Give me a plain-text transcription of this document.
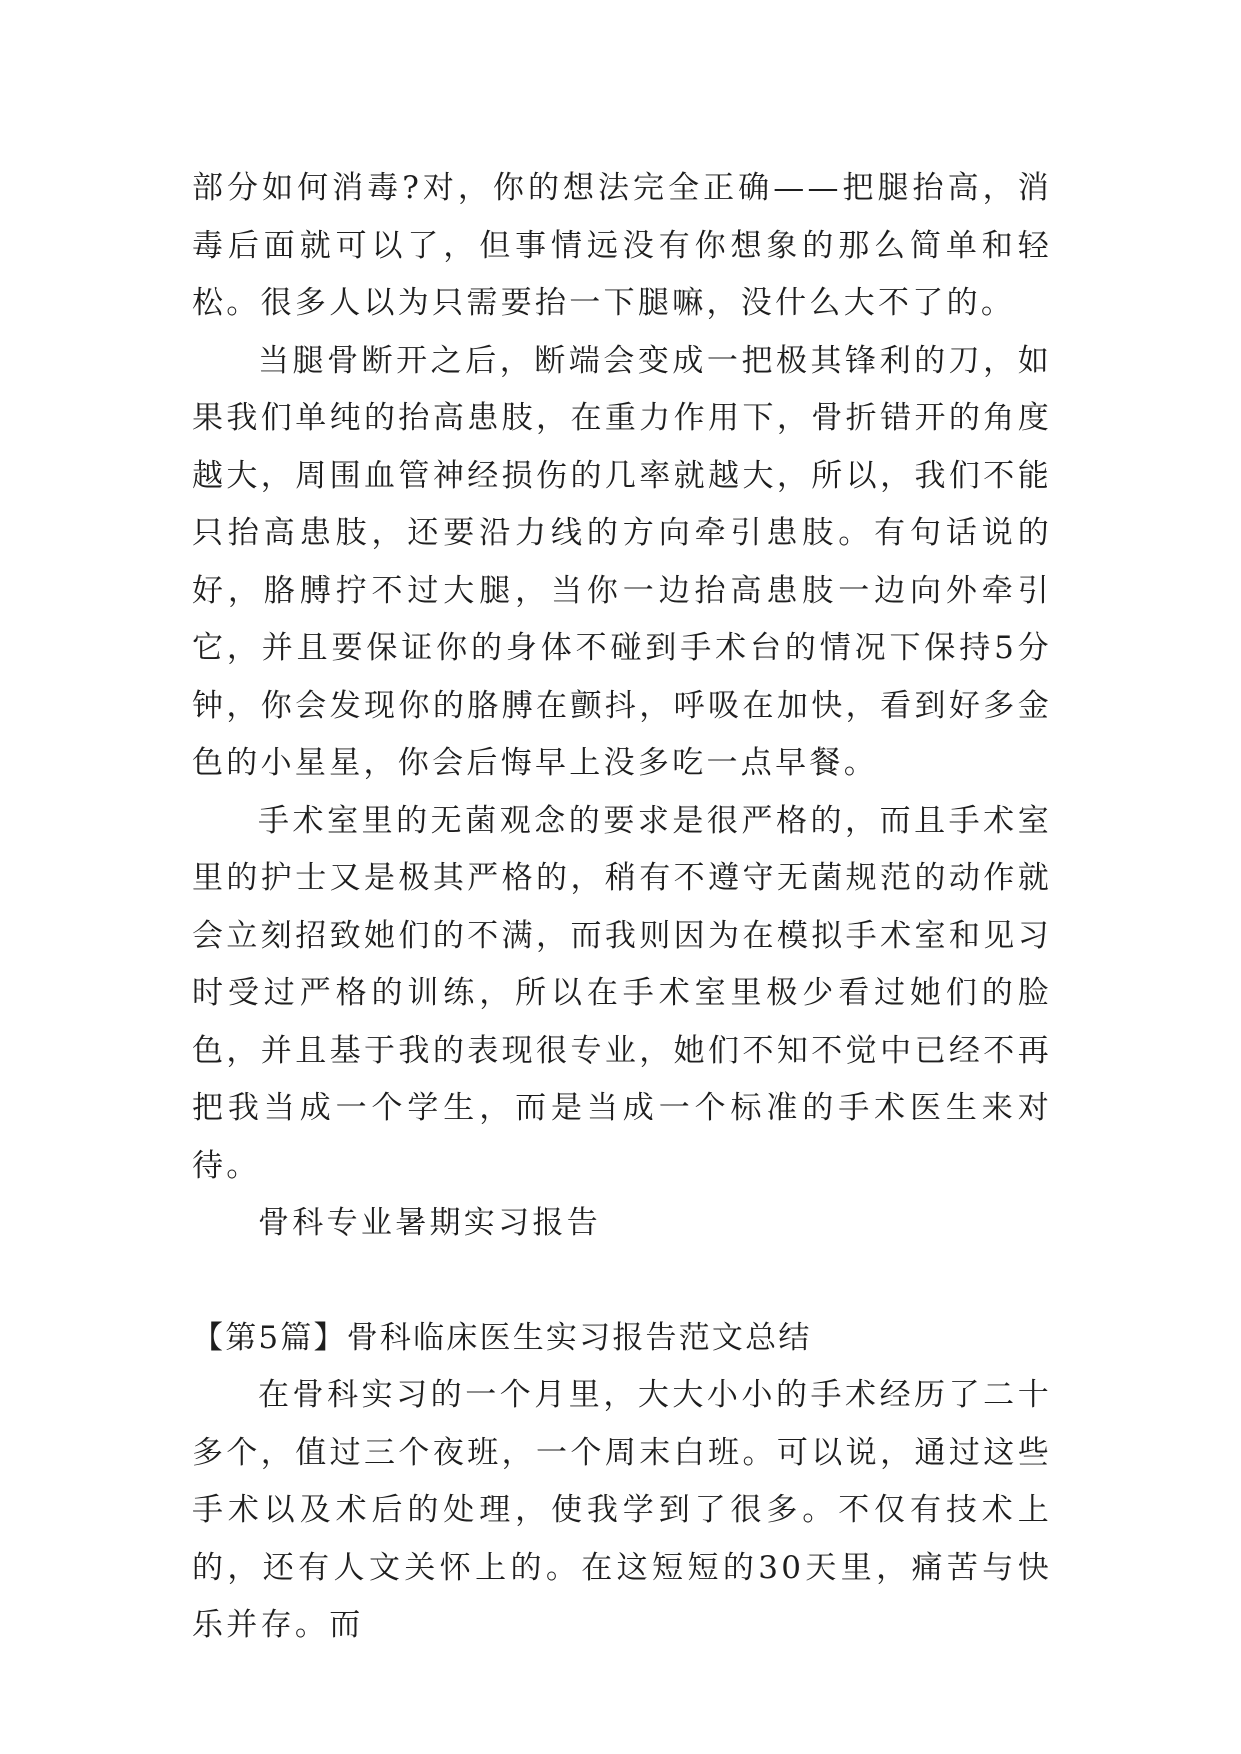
部分如何消毒?对，你的想法完全正确——把腿抬高，消毒后面就可以了，但事情远没有你想象的那么简单和轻松。很多人以为只需要抬一下腿嘛，没什么大不了的。

当腿骨断开之后，断端会变成一把极其锋利的刀，如果我们单纯的抬高患肢，在重力作用下，骨折错开的角度越大，周围血管神经损伤的几率就越大，所以，我们不能只抬高患肢，还要沿力线的方向牵引患肢。有句话说的好，胳膊拧不过大腿，当你一边抬高患肢一边向外牵引它，并且要保证你的身体不碰到手术台的情况下保持5分钟，你会发现你的胳膊在颤抖，呼吸在加快，看到好多金色的小星星，你会后悔早上没多吃一点早餐。

手术室里的无菌观念的要求是很严格的，而且手术室里的护士又是极其严格的，稍有不遵守无菌规范的动作就会立刻招致她们的不满，而我则因为在模拟手术室和见习时受过严格的训练，所以在手术室里极少看过她们的脸色，并且基于我的表现很专业，她们不知不觉中已经不再把我当成一个学生，而是当成一个标准的手术医生来对待。

骨科专业暑期实习报告

【第5篇】骨科临床医生实习报告范文总结

在骨科实习的一个月里，大大小小的手术经历了二十多个，值过三个夜班，一个周末白班。可以说，通过这些手术以及术后的处理，使我学到了很多。不仅有技术上的，还有人文关怀上的。在这短短的30天里，痛苦与快乐并存。而
